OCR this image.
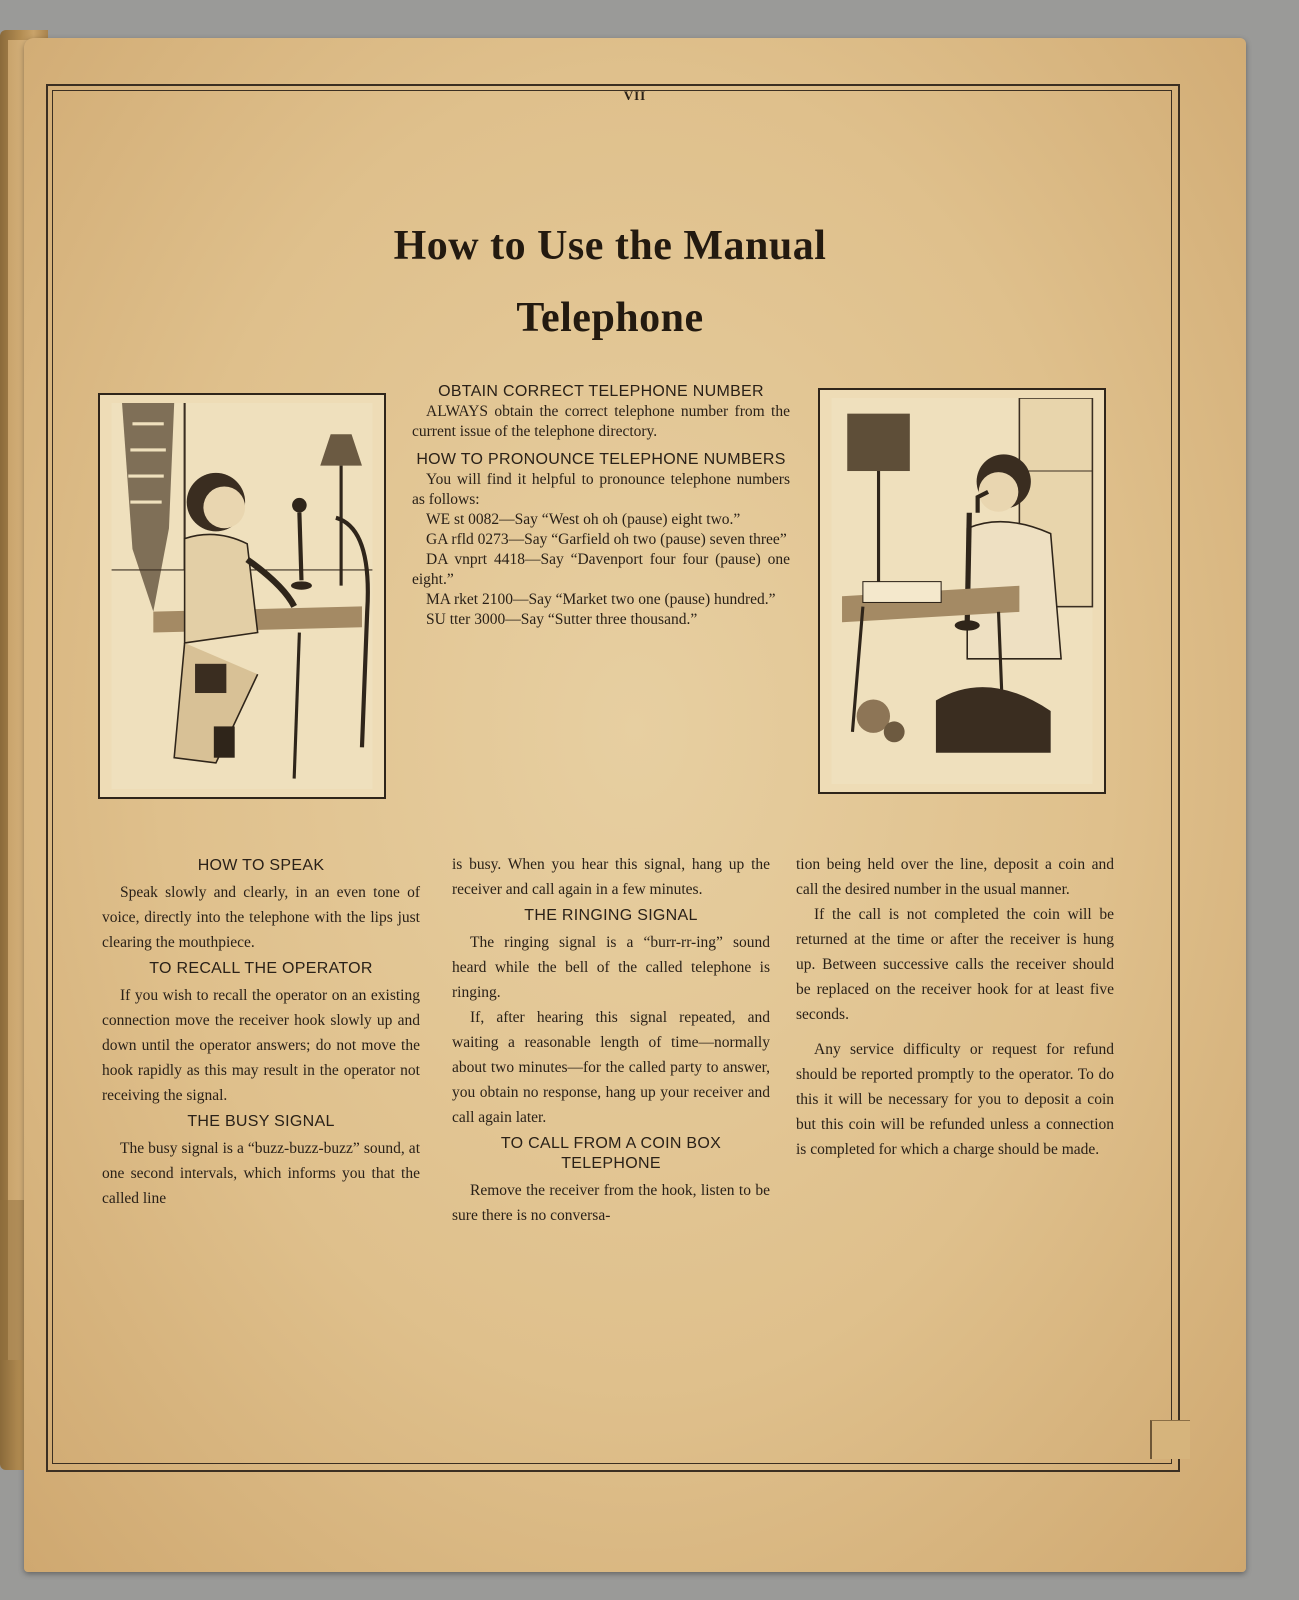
VII
How to Use the Manual
Telephone
OBTAIN CORRECT TELEPHONE NUMBER

ALWAYS obtain the correct telephone number from the current issue of the telephone directory.

HOW TO PRONOUNCE TELEPHONE NUMBERS

You will find it helpful to pronounce telephone numbers as follows:

WE st 0082—Say “West oh oh (pause) eight two.”

GA rfld 0273—Say “Garfield oh two (pause) seven three”

DA vnprt 4418—Say “Davenport four four (pause) one eight.”

MA rket 2100—Say “Market two one (pause) hundred.”

SU tter 3000—Say “Sutter three thousand.”

HOW TO SPEAK

Speak slowly and clearly, in an even tone of voice, directly into the telephone with the lips just clearing the mouthpiece.

TO RECALL THE OPERATOR

If you wish to recall the operator on an existing connection move the receiver hook slowly up and down until the operator answers; do not move the hook rapidly as this may result in the operator not receiving the signal.

THE BUSY SIGNAL

The busy signal is a “buzz-buzz-buzz” sound, at one second intervals, which informs you that the called line

is busy. When you hear this signal, hang up the receiver and call again in a few minutes.

THE RINGING SIGNAL

The ringing signal is a “burr-rr-ing” sound heard while the bell of the called telephone is ringing.

If, after hearing this signal repeated, and waiting a reasonable length of time—normally about two minutes—for the called party to answer, you obtain no response, hang up your receiver and call again later.

TO CALL FROM A COIN BOX TELEPHONE

Remove the receiver from the hook, listen to be sure there is no conversa-

tion being held over the line, deposit a coin and call the desired number in the usual manner.

If the call is not completed the coin will be returned at the time or after the receiver is hung up. Between successive calls the receiver should be replaced on the receiver hook for at least five seconds.

Any service difficulty or request for refund should be reported promptly to the operator. To do this it will be necessary for you to deposit a coin but this coin will be refunded unless a connection is completed for which a charge should be made.
